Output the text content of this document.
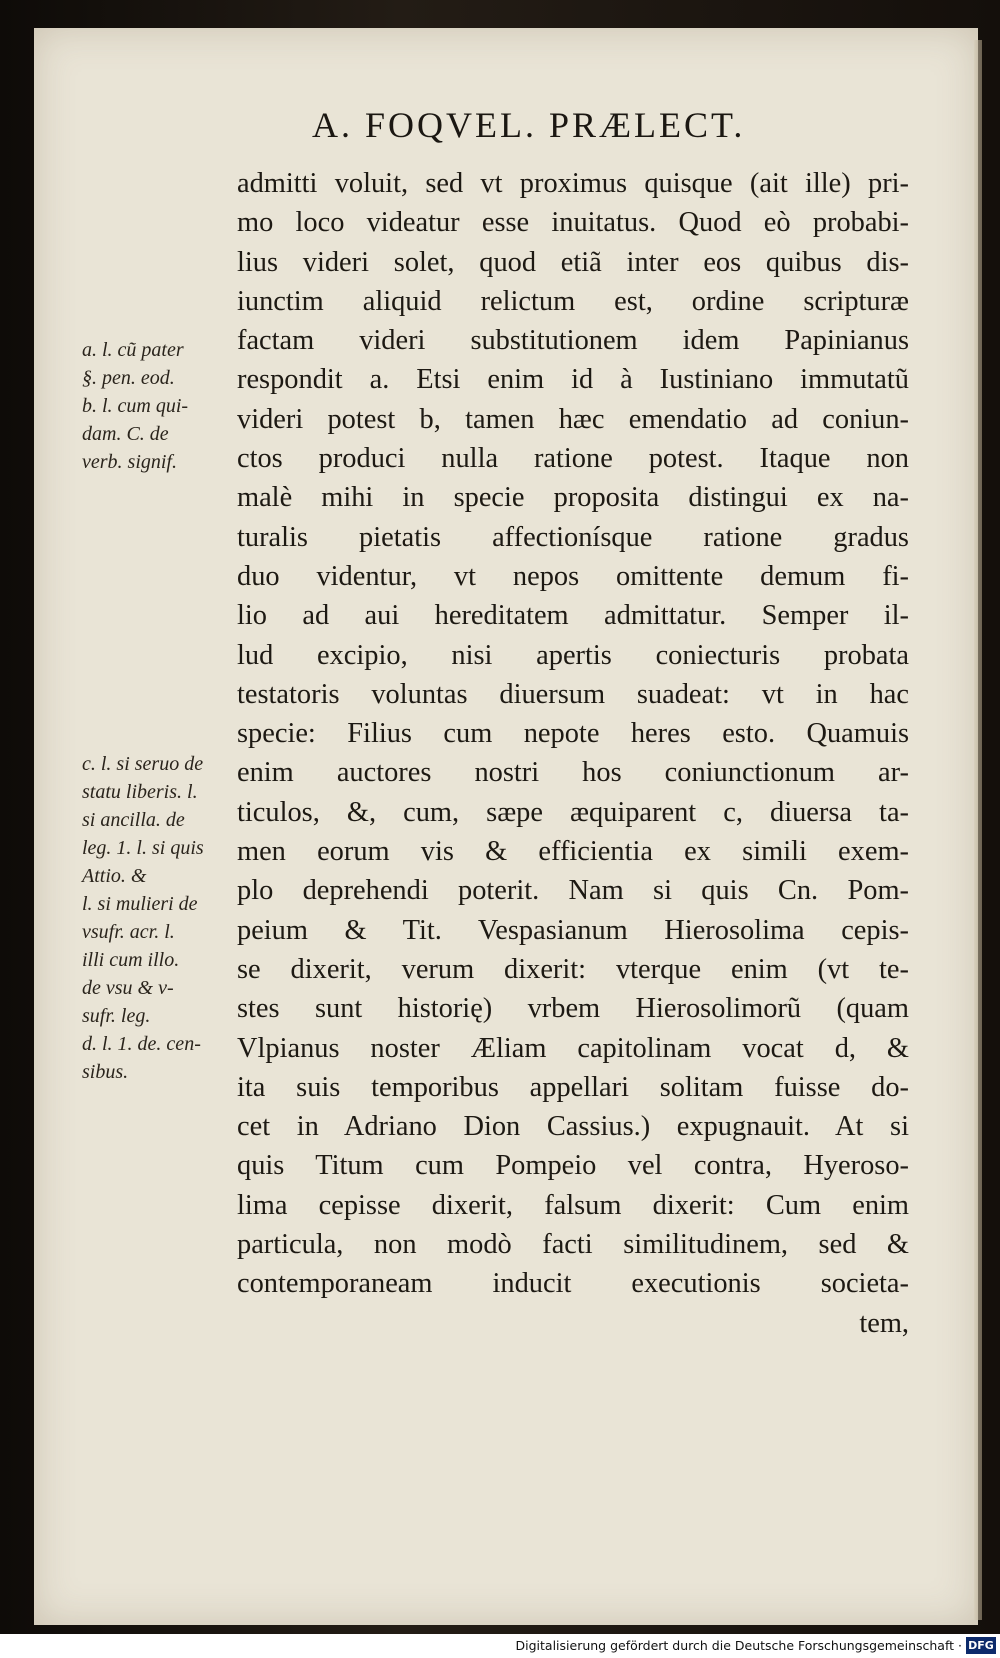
A. FOQVEL. PRÆLECT.
a. l. cũ pater
§. pen. eod.
b. l. cum qui-
dam. C. de
verb. signif.
c. l. si seruo de
statu liberis. l.
si ancilla. de
leg. 1. l. si quis
Attio. &
l. si mulieri de
vsufr. acr. l.
illi cum illo.
de vsu & v-
sufr. leg.
d. l. 1. de. cen-
sibus.
admitti voluit, sed vt proximus quisque (ait ille) pri-
mo loco videatur esse inuitatus. Quod eò probabi-
lius videri solet, quod etiã inter eos quibus dis-
iunctim aliquid relictum est, ordine scripturæ
factam videri substitutionem idem Papinianus
respondit a. Etsi enim id à Iustiniano immutatũ
videri potest b, tamen hæc emendatio ad coniun-
ctos produci nulla ratione potest. Itaque non
malè mihi in specie proposita distingui ex na-
turalis pietatis affectionísque ratione gradus
duo videntur, vt nepos omittente demum fi-
lio ad aui hereditatem admittatur. Semper il-
lud excipio, nisi apertis coniecturis probata
testatoris voluntas diuersum suadeat: vt in hac
specie: Filius cum nepote heres esto. Quamuis
enim auctores nostri hos coniunctionum ar-
ticulos, &, cum, sæpe æquiparent c, diuersa ta-
men eorum vis & efficientia ex simili exem-
plo deprehendi poterit. Nam si quis Cn. Pom-
peium & Tit. Vespasianum Hierosolima cepis-
se dixerit, verum dixerit: vterque enim (vt te-
stes sunt historię) vrbem Hierosolimorũ (quam
Vlpianus noster Æliam capitolinam vocat d, &
ita suis temporibus appellari solitam fuisse do-
cet in Adriano Dion Cassius.) expugnauit. At si
quis Titum cum Pompeio vel contra, Hyeroso-
lima cepisse dixerit, falsum dixerit: Cum enim
particula, non modò facti similitudinem, sed &
contemporaneam inducit executionis societa-
tem,
Digitalisierung gefördert durch die Deutsche Forschungsgemeinschaft · DFG
